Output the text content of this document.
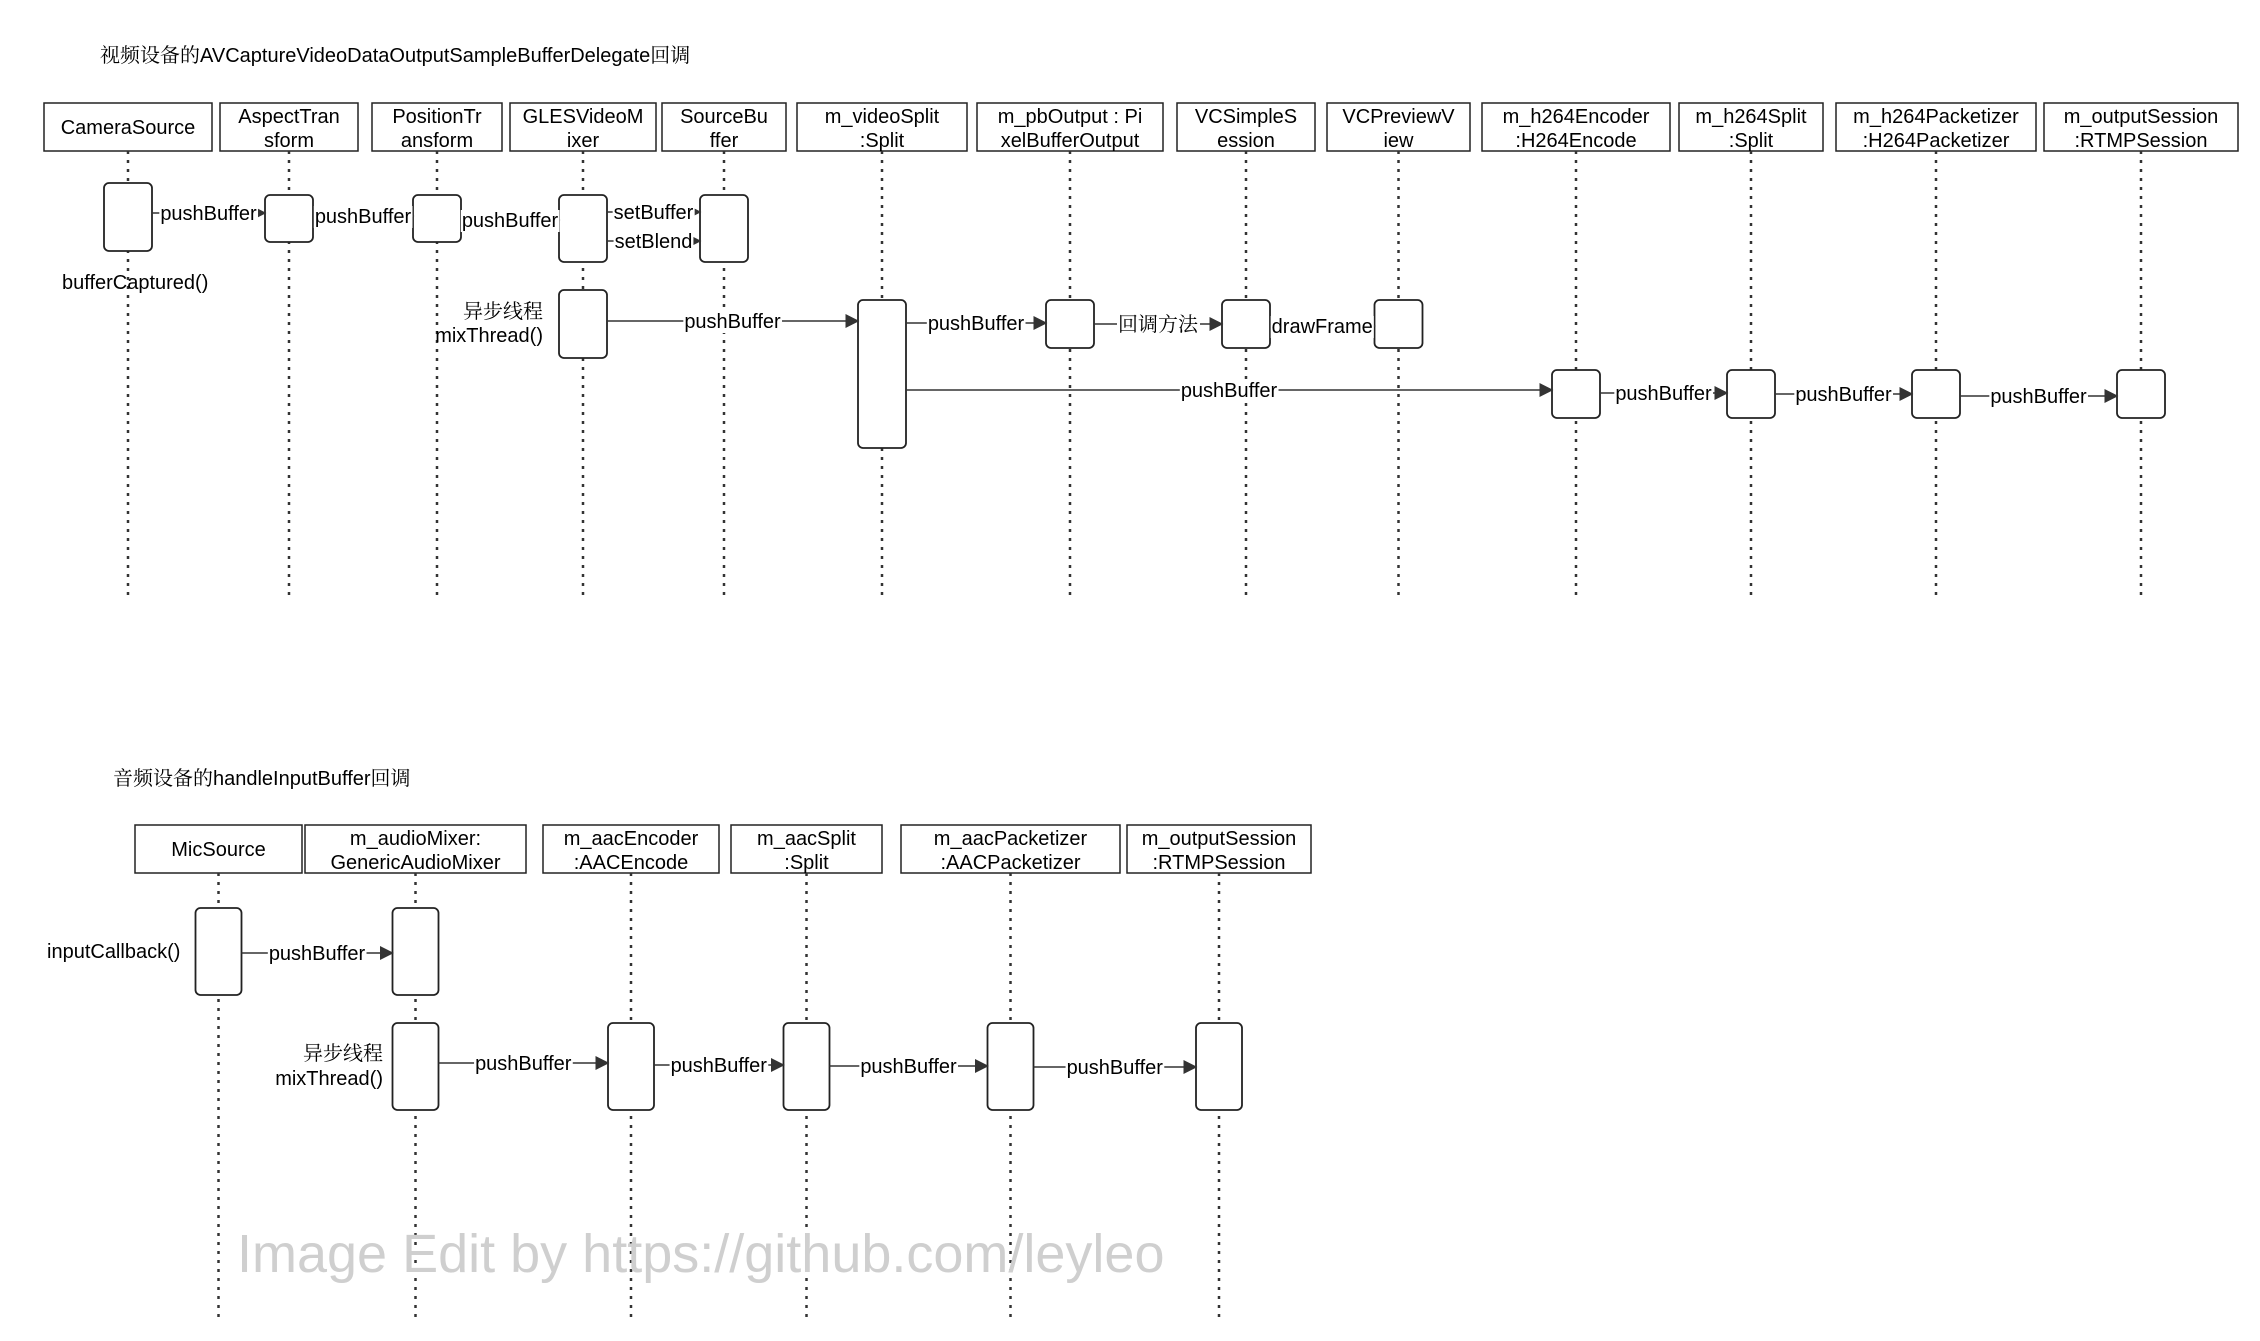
视频设备的AVCaptureVideoDataOutputSampleBufferDelegate回调
CameraSource AspectTran
sform
PositionTr
ansform
GLESVideoM
ixer
SourceBu
ffer
m_videoSplit
:Split
m_pbOutput : Pi
xelBufferOutput
VCSimpleS
ession
VCPreviewV
iew
m_h264Encoder
:H264Encode
m_h264Split
:Split
m_h264Packetizer
:H264Packetizer
m_outputSession
:RTMPSession
pushBuffer	pushBuffer	pushBuffer	setBuffer
setBlend
pushBuffer	pushBuffer	回调方法	drawFrame
pushBuffer	pushBuffer	pushBuffer	pushBuffer
bufferCaptured()
异步线程
mixThread()
音频设备的handleInputBuffer回调
MicSource	m_audioMixer:
GenericAudioMixer
m_aacEncoder
:AACEncode
m_aacSplit
:Split
m_aacPacketizer
:AACPacketizer
m_outputSession
:RTMPSession
pushBuffer
pushBuffer	pushBuffer	pushBuffer	pushBuffer
inputCallback()
异步线程
mixThread()
Image Edit by https://github.com/leyleo
